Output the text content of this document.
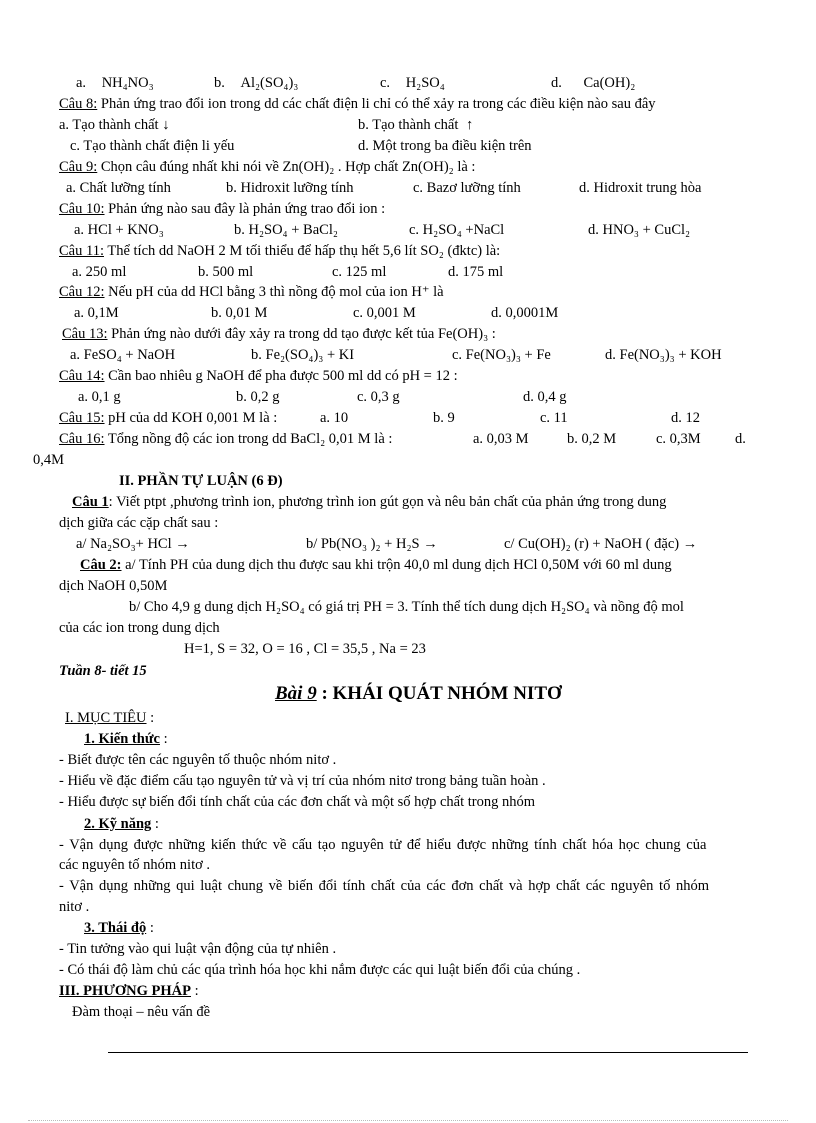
a. NH₄NO₃	b. Al₂(SO₄)₃	c. H₂SO₄	d. Ca(OH)₂
Câu 8: Phản ứng trao đổi ion trong dd các chất điện li chỉ có thể xảy ra trong các điều kiện nào sau đây
a. Tạo thành chất ↓	b. Tạo thành chất ↑
c. Tạo thành chất điện li yếu	d. Một trong ba điều kiện trên
Câu 9: Chọn câu đúng nhất khi nói về Zn(OH)₂ . Hợp chất Zn(OH)₂ là :
a. Chất lưỡng tính	b. Hidroxit lưỡng tính	c. Bazơ lưỡng tính	d. Hidroxit trung hòa
Câu 10: Phản ứng nào sau đây là phản ứng trao đổi ion :
a. HCl + KNO₃	b. H₂SO₄ + BaCl₂	c. H₂SO₄ +NaCl	d. HNO₃ + CuCl₂
Câu 11: Thể tích dd NaOH 2 M tối thiểu để hấp thụ hết 5,6 lít SO₂ (đktc) là:
a. 250 ml	b. 500 ml	c. 125 ml	d. 175 ml
Câu 12: Nếu pH của dd HCl bằng 3 thì nồng độ mol của ion H⁺ là
a. 0,1M	b. 0,01 M	c. 0,001 M	d. 0,0001M
Câu 13: Phản ứng nào dưới đây xảy ra trong dd tạo được kết tủa Fe(OH)₃ :
a. FeSO₄ + NaOH	b. Fe₂(SO₄)₃ + KI	c. Fe(NO₃)₃ + Fe	d. Fe(NO₃)₃ + KOH
Câu 14: Cần bao nhiêu g NaOH để pha được 500 ml dd có pH = 12 :
a. 0,1 g	b. 0,2 g	c. 0,3 g	d. 0,4 g
Câu 15: pH của dd KOH 0,001 M là :	a. 10	b. 9	c. 11	d. 12
Câu 16: Tổng nồng độ các ion trong dd BaCl₂ 0,01 M là :	a. 0,03 M	b. 0,2 M	c. 0,3M d.
0,4M
II. PHẦN TỰ LUẬN (6 Đ)
Câu 1: Viết ptpt ,phương trình ion, phương trình ion gút gọn và nêu bản chất của phản ứng trong dung
dịch giữa các cặp chất sau :
a/ Na₂SO₃+ HCl →	b/ Pb(NO₃ )₂ + H₂S →	c/ Cu(OH)₂ (r) + NaOH ( đặc) →
Câu 2: a/ Tính PH của dung dịch thu được sau khi trộn 40,0 ml dung dịch HCl 0,50M với 60 ml dung
dịch NaOH 0,50M
b/ Cho 4,9 g dung dịch H₂SO₄ có giá trị PH = 3. Tính thể tích dung dịch H₂SO₄ và nồng độ mol
của các ion trong dung dịch
H=1, S = 32, O = 16 , Cl = 35,5 , Na = 23
Tuần 8- tiết 15
Bài 9 : KHÁI QUÁT NHÓM NITƠ
I. MỤC TIÊU :
1. Kiến thức :
- Biết được tên các nguyên tố thuộc nhóm nitơ .
- Hiểu về đặc điểm cấu tạo nguyên tử và vị trí của nhóm nitơ trong bảng tuần hoàn .
- Hiểu được sự biến đổi tính chất của các đơn chất và một số hợp chất trong nhóm
2. Kỹ năng :
- Vận dụng được những kiến thức về cấu tạo nguyên tử để hiểu được những tính chất hóa học chung của
các nguyên tố nhóm nitơ .
- Vận dụng những qui luật chung về biến đổi tính chất của các đơn chất và hợp chất các nguyên tố nhóm
nitơ .
3. Thái độ :
- Tin tưởng vào qui luật vận động của tự nhiên .
- Có thái độ làm chủ các qúa trình hóa học khi nắm được các qui luật biến đổi của chúng .
III. PHƯƠNG PHÁP :
Đàm thoại – nêu vấn đề
